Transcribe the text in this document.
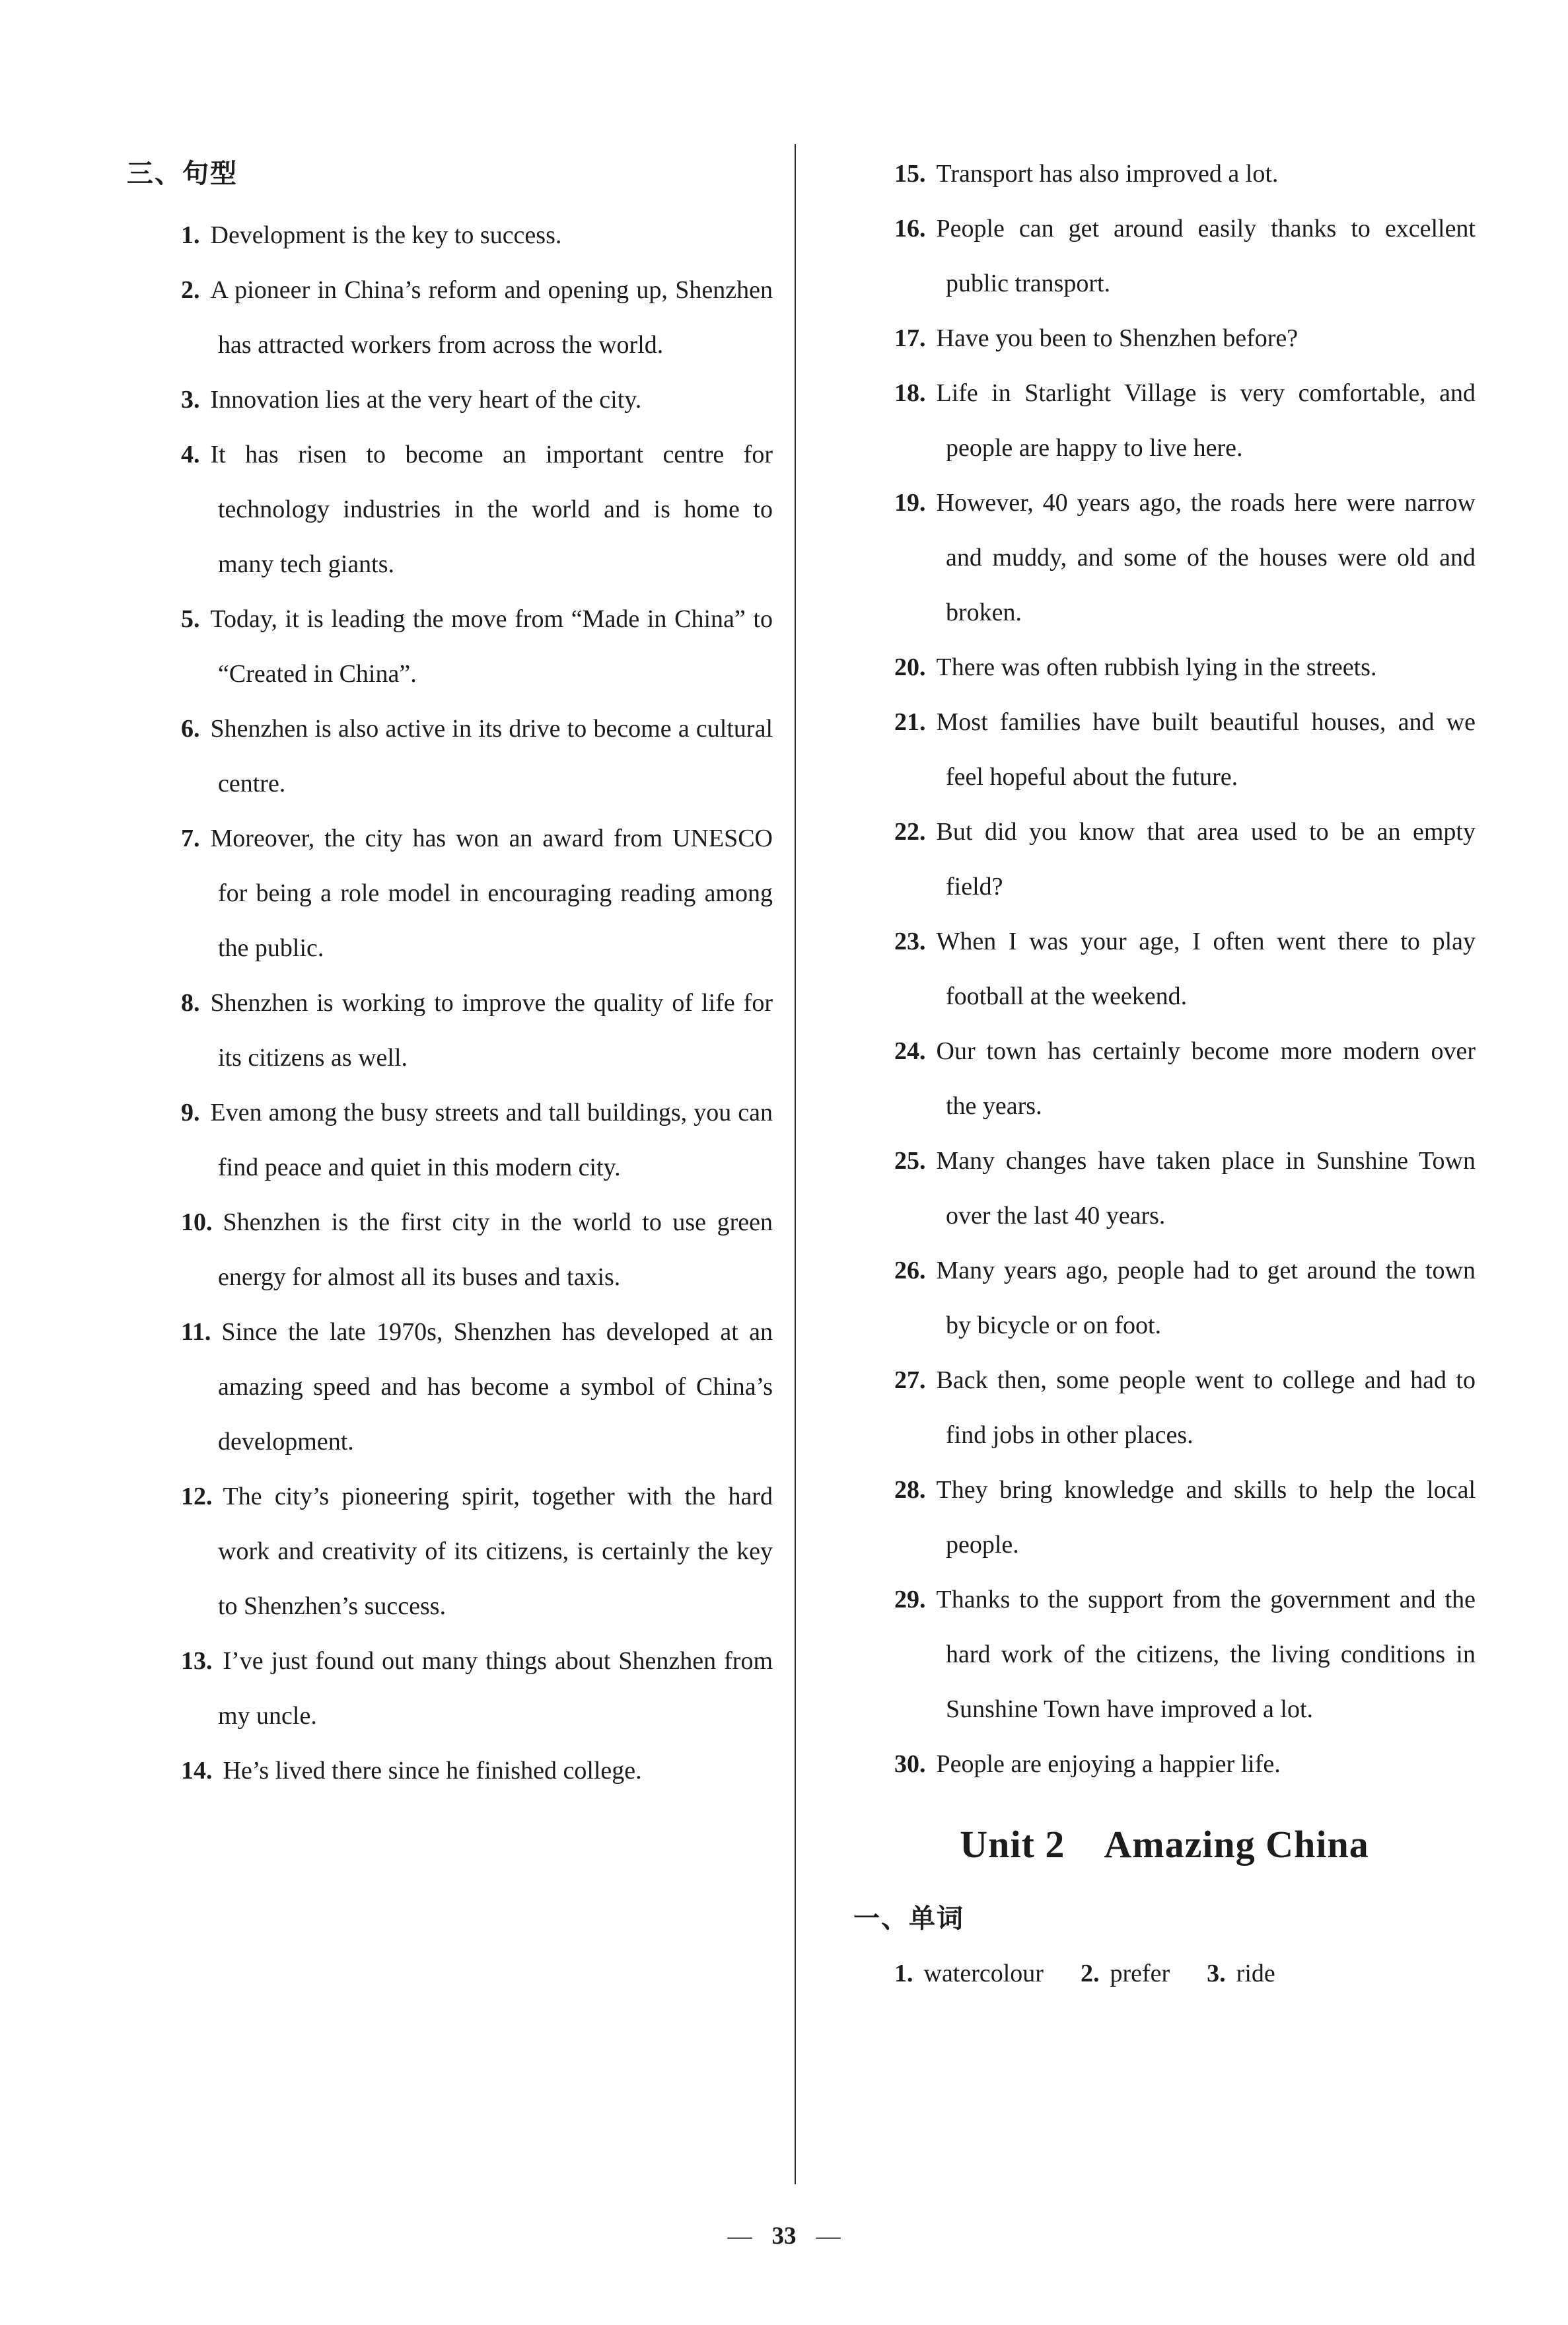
三、句型
1. Development is the key to success.
2. A pioneer in China’s reform and opening up, Shenzhen has attracted workers from across the world.
3. Innovation lies at the very heart of the city.
4. It has risen to become an important centre for technology industries in the world and is home to many tech giants.
5. Today, it is leading the move from “Made in China” to “Created in China”.
6. Shenzhen is also active in its drive to become a cultural centre.
7. Moreover, the city has won an award from UNESCO for being a role model in encouraging reading among the public.
8. Shenzhen is working to improve the quality of life for its citizens as well.
9. Even among the busy streets and tall buildings, you can find peace and quiet in this modern city.
10. Shenzhen is the first city in the world to use green energy for almost all its buses and taxis.
11. Since the late 1970s, Shenzhen has developed at an amazing speed and has become a symbol of China’s development.
12. The city’s pioneering spirit, together with the hard work and creativity of its citizens, is certainly the key to Shenzhen’s success.
13. I’ve just found out many things about Shenzhen from my uncle.
14. He’s lived there since he finished college.
15. Transport has also improved a lot.
16. People can get around easily thanks to excellent public transport.
17. Have you been to Shenzhen before?
18. Life in Starlight Village is very comfortable, and people are happy to live here.
19. However, 40 years ago, the roads here were narrow and muddy, and some of the houses were old and broken.
20. There was often rubbish lying in the streets.
21. Most families have built beautiful houses, and we feel hopeful about the future.
22. But did you know that area used to be an empty field?
23. When I was your age, I often went there to play football at the weekend.
24. Our town has certainly become more modern over the years.
25. Many changes have taken place in Sunshine Town over the last 40 years.
26. Many years ago, people had to get around the town by bicycle or on foot.
27. Back then, some people went to college and had to find jobs in other places.
28. They bring knowledge and skills to help the local people.
29. Thanks to the support from the government and the hard work of the citizens, the living conditions in Sunshine Town have improved a lot.
30. People are enjoying a happier life.
Unit 2　Amazing China
一、单词
1. watercolour 2. prefer 3. ride
— 33 —
